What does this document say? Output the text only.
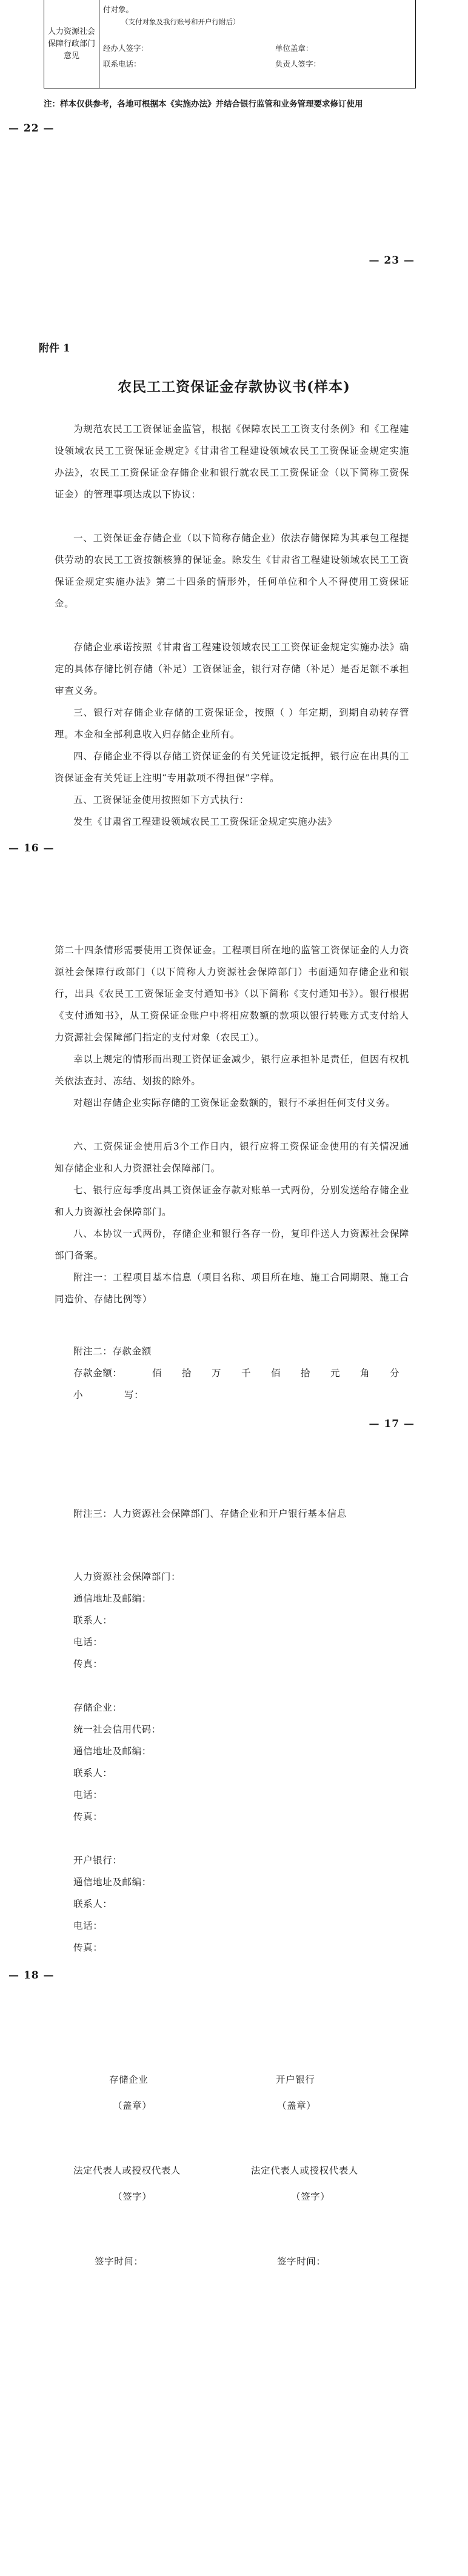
人力资源社会保障行政部门意见
付对象。
（支付对象及我行账号和开户行附后）
经办人签字：	单位盖章：
联系电话：	负责人签字：
注：样本仅供参考，各地可根据本《实施办法》并结合银行监管和业务管理要求修订使用
— 22 —
— 23 —
附件 1
农民工工资保证金存款协议书(样本)

为规范农民工工资保证金监管，根据《保障农民工工资支付条例》和《工程建设领域农民工工资保证金规定》《甘肃省工程建设领域农民工工资保证金规定实施办法》，农民工工资保证金存储企业和银行就农民工工资保证金（以下简称工资保证金）的管理事项达成以下协议：

一、工资保证金存储企业（以下简称存储企业）依法存储保障为其承包工程提供劳动的农民工工资按额核算的保证金。除发生《甘肃省工程建设领域农民工工资保证金规定实施办法》第二十四条的情形外，任何单位和个人不得使用工资保证金。

存储企业承诺按照《甘肃省工程建设领域农民工工资保证金规定实施办法》确定的具体存储比例存储（补足）工资保证金，银行对存储（补足）是否足额不承担审查义务。

三、银行对存储企业存储的工资保证金，按照（ ）年定期，到期自动转存管理。本金和全部利息收入归存储企业所有。

四、存储企业不得以存储工资保证金的有关凭证设定抵押，银行应在出具的工资保证金有关凭证上注明“专用款项不得担保”字样。

五、工资保证金使用按照如下方式执行：

发生《甘肃省工程建设领域农民工工资保证金规定实施办法》

— 16 —

第二十四条情形需要使用工资保证金。工程项目所在地的监管工资保证金的人力资源社会保障行政部门（以下简称人力资源社会保障部门）书面通知存储企业和银行，出具《农民工工资保证金支付通知书》（以下简称《支付通知书》）。银行根据《支付通知书》，从工资保证金账户中将相应数额的款项以银行转账方式支付给人力资源社会保障部门指定的支付对象（农民工）。

幸以上规定的情形而出现工资保证金减少，银行应承担补足责任，但因有权机关依法查封、冻结、划拨的除外。

对超出存储企业实际存储的工资保证金数额的，银行不承担任何支付义务。

六、工资保证金使用后3个工作日内，银行应将工资保证金使用的有关情况通知存储企业和人力资源社会保障部门。

七、银行应每季度出具工资保证金存款对账单一式两份，分别发送给存储企业和人力资源社会保障部门。

八、本协议一式两份，存储企业和银行各存一份，复印件送人力资源社会保障部门备案。

附注一：工程项目基本信息（项目名称、项目所在地、施工合同期限、施工合同造价、存储比例等）

附注二：存款金额
存款金额：	佰 拾 万 千 佰 拾 元 角 分
小	写：
— 17 —

附注三：人力资源社会保障部门、存储企业和开户银行基本信息

人力资源社会保障部门：
通信地址及邮编：
联系人：
电话：
传真：
存储企业：
统一社会信用代码：
通信地址及邮编：
联系人：
电话：
传真：
开户银行：
通信地址及邮编：
联系人：
电话：
传真：
— 18 —
存储企业	开户银行
（盖章）	（盖章）
法定代表人或授权代表人	法定代表人或授权代表人
（签字）	（签字）
签字时间：	签字时间：
